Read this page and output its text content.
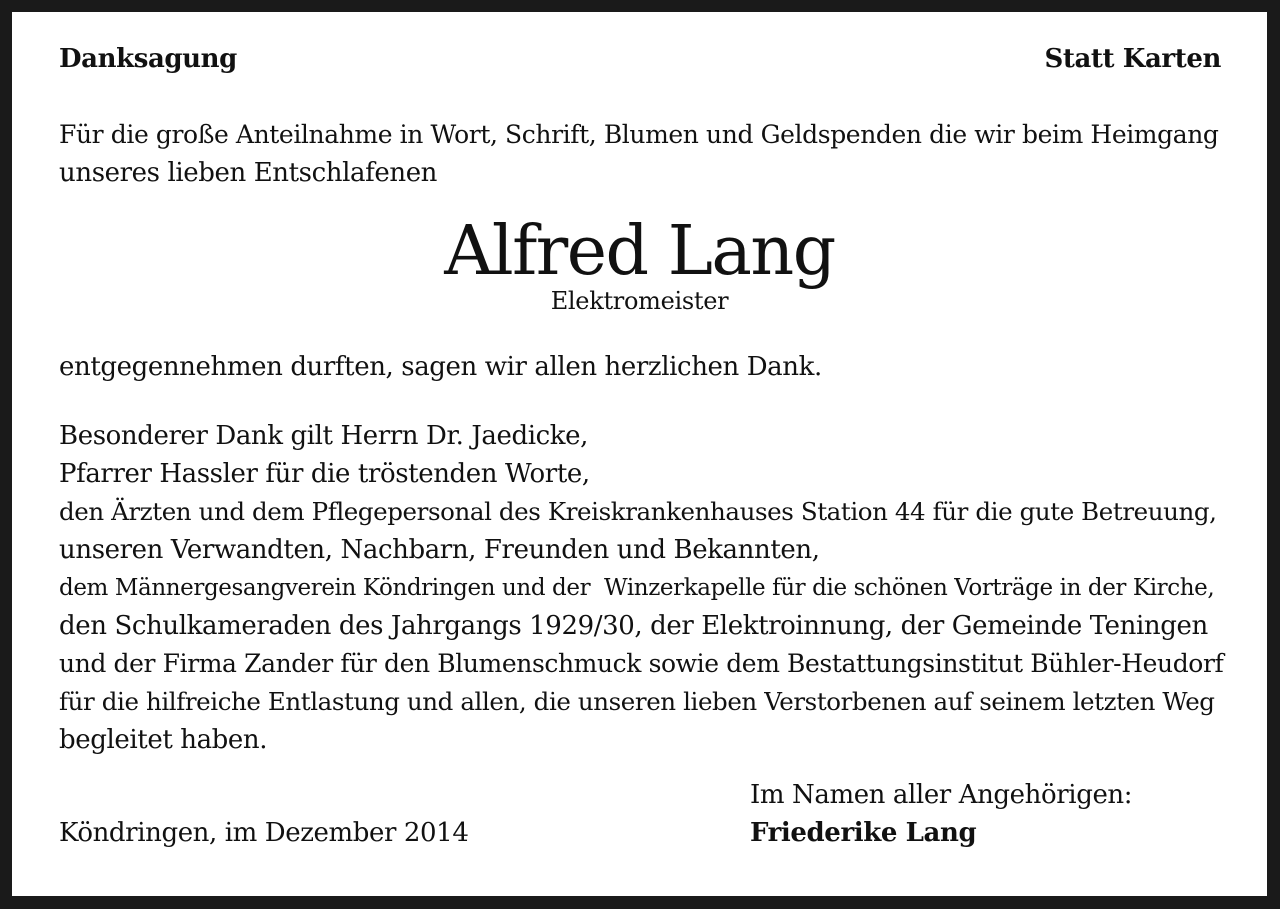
Danksagung	Statt Karten
Für die große Anteilnahme in Wort, Schrift, Blumen und Geldspenden die wir beim Heimgang
unseres lieben Entschlafenen
Alfred Lang
Elektromeister
entgegennehmen durften, sagen wir allen herzlichen Dank.
Besonderer Dank gilt Herrn Dr. Jaedicke,
Pfarrer Hassler für die tröstenden Worte,
den Ärzten und dem Pflegepersonal des Kreiskrankenhauses Station 44 für die gute Betreuung,
unseren Verwandten, Nachbarn, Freunden und Bekannten,
dem Männergesangverein Köndringen und der  Winzerkapelle für die schönen Vorträge in der Kirche,
den Schulkameraden des Jahrgangs 1929/30, der Elektroinnung, der Gemeinde Teningen
und der Firma Zander für den Blumenschmuck sowie dem Bestattungsinstitut Bühler-Heudorf
für die hilfreiche Entlastung und allen, die unseren lieben Verstorbenen auf seinem letzten Weg
begleitet haben.
Im Namen aller Angehörigen:
Friederike Lang
Köndringen, im Dezember 2014
